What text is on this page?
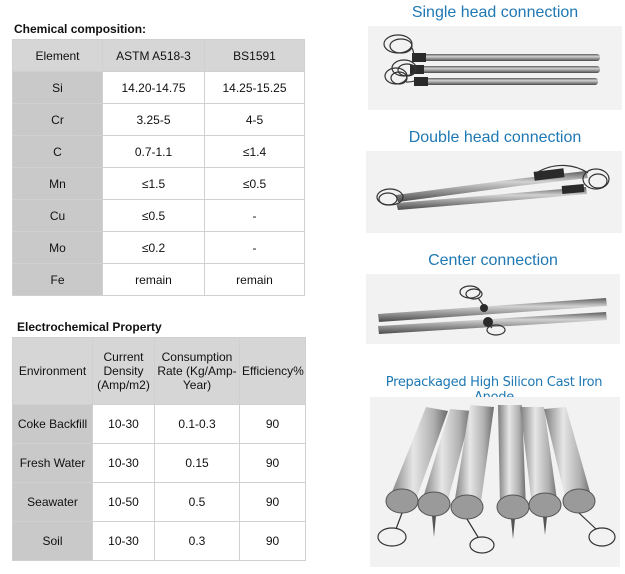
Chemical composition:
Element	ASTM A518-3	BS1591
Si	14.20-14.75	14.25-15.25
Cr	3.25-5	4-5
C	0.7-1.1	≤1.4
Mn	≤1.5	≤0.5
Cu	≤0.5	-
Mo	≤0.2	-
Fe	remain	remain
Electrochemical Property
Environment	Current Density (Amp/m2)	Consumption Rate (Kg/Amp-Year)	Efficiency%
Coke Backfill	10-30	0.1-0.3	90
Fresh Water	10-30	0.15	90
Seawater	10-50	0.5	90
Soil	10-30	0.3	90
Single head connection
Double head connection
Center connection
Prepackaged High Silicon Cast Iron
